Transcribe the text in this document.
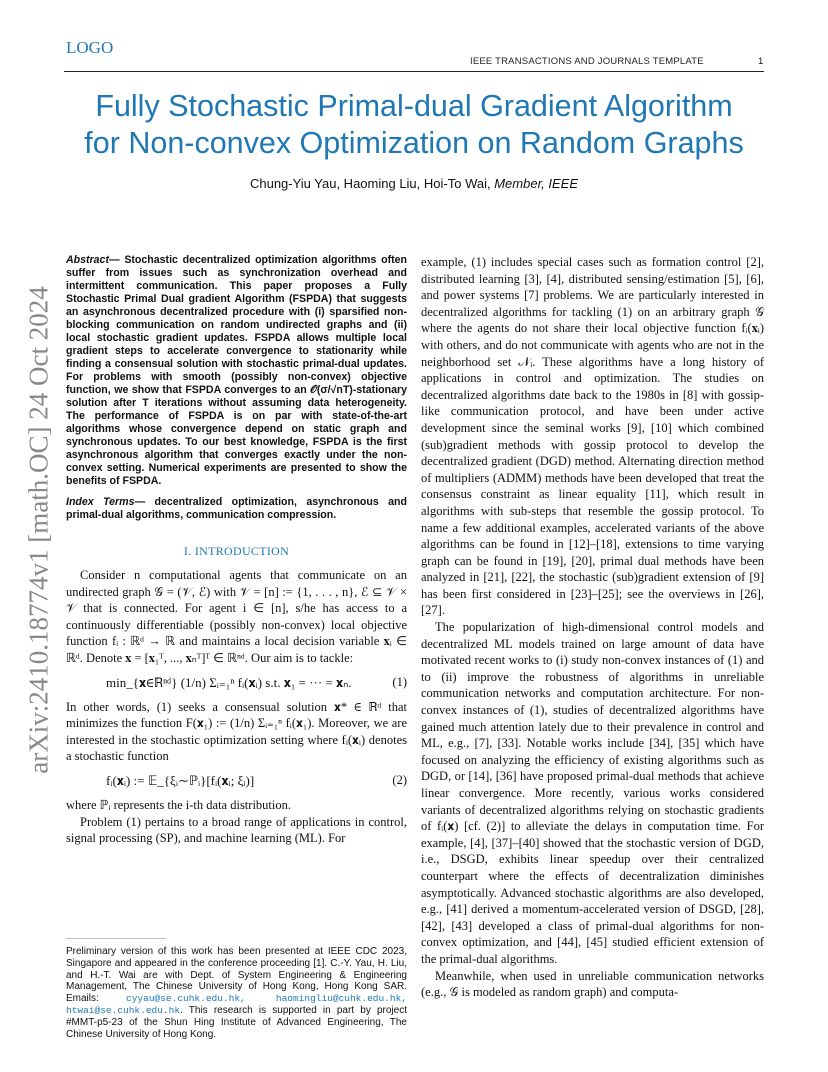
LOGO
IEEE TRANSACTIONS AND JOURNALS TEMPLATE	1
Fully Stochastic Primal-dual Gradient Algorithm
for Non-convex Optimization on Random Graphs
Chung-Yiu Yau, Haoming Liu, Hoi-To Wai, Member, IEEE
arXiv:2410.18774v1 [math.OC] 24 Oct 2024

Abstract— Stochastic decentralized optimization algorithms often suffer from issues such as synchronization overhead and intermittent communication. This paper proposes a Fully Stochastic Primal Dual gradient Algorithm (FSPDA) that suggests an asynchronous decentralized procedure with (i) sparsified non-blocking communication on random undirected graphs and (ii) local stochastic gradient updates. FSPDA allows multiple local gradient steps to accelerate convergence to stationarity while finding a consensual solution with stochastic primal-dual updates. For problems with smooth (possibly non-convex) objective function, we show that FSPDA converges to an 𝒪(σ/√nT)-stationary solution after T iterations without assuming data heterogeneity. The performance of FSPDA is on par with state-of-the-art algorithms whose convergence depend on static graph and synchronous updates. To our best knowledge, FSPDA is the first asynchronous algorithm that converges exactly under the non-convex setting. Numerical experiments are presented to show the benefits of FSPDA.

Index Terms— decentralized optimization, asynchronous and primal-dual algorithms, communication compression.

I. INTRODUCTION

Consider n computational agents that communicate on an undirected graph 𝒢 = (𝒱, ℰ) with 𝒱 = [n] := {1, . . . , n}, ℰ ⊆ 𝒱 × 𝒱 that is connected. For agent i ∈ [n], s/he has access to a continuously differentiable (possibly non-convex) local objective function fᵢ : ℝᵈ → ℝ and maintains a local decision variable 𝐱ᵢ ∈ ℝᵈ. Denote 𝐱 = [𝐱₁ᵀ, ..., 𝐱ₙᵀ]ᵀ ∈ ℝⁿᵈ. Our aim is to tackle:

min_{𝐱∈ℝⁿᵈ} (1/n) Σᵢ₌₁ⁿ fᵢ(𝐱ᵢ) s.t. 𝐱₁ = ··· = 𝐱ₙ.	(1)

In other words, (1) seeks a consensual solution 𝐱* ∈ ℝᵈ that minimizes the function F(𝐱₁) := (1/n) Σᵢ₌₁ⁿ fᵢ(𝐱₁). Moreover, we are interested in the stochastic optimization setting where fᵢ(𝐱ᵢ) denotes a stochastic function

fᵢ(𝐱ᵢ) := 𝔼_{ξᵢ∼ℙᵢ}[fᵢ(𝐱ᵢ; ξᵢ)]	(2)

where ℙᵢ represents the i-th data distribution.

Problem (1) pertains to a broad range of applications in control, signal processing (SP), and machine learning (ML). For

Preliminary version of this work has been presented at IEEE CDC 2023, Singapore and appeared in the conference proceeding [1]. C.-Y. Yau, H. Liu, and H.-T. Wai are with Dept. of System Engineering & Engineering Management, The Chinese University of Hong Kong, Hong Kong SAR. Emails:	cyyau@se.cuhk.edu.hk, haomingliu@cuhk.edu.hk, htwai@se.cuhk.edu.hk. This research is supported in part by project #MMT-p5-23 of the Shun Hing Institute of Advanced Engineering, The Chinese University of Hong Kong.

example, (1) includes special cases such as formation control [2], distributed learning [3], [4], distributed sensing/estimation [5], [6], and power systems [7] problems. We are particularly interested in decentralized algorithms for tackling (1) on an arbitrary graph 𝒢 where the agents do not share their local objective function fᵢ(𝐱ᵢ) with others, and do not communicate with agents who are not in the neighborhood set 𝒩ᵢ. These algorithms have a long history of applications in control and optimization. The studies on decentralized algorithms date back to the 1980s in [8] with gossip-like communication protocol, and have been under active development since the seminal works [9], [10] which combined (sub)gradient methods with gossip protocol to develop the decentralized gradient (DGD) method. Alternating direction method of multipliers (ADMM) methods have been developed that treat the consensus constraint as linear equality [11], which result in algorithms with sub-steps that resemble the gossip protocol. To name a few additional examples, accelerated variants of the above algorithms can be found in [12]–[18], extensions to time varying graph can be found in [19], [20], primal dual methods have been analyzed in [21], [22], the stochastic (sub)gradient extension of [9] has been first considered in [23]–[25]; see the overviews in [26], [27].

The popularization of high-dimensional control models and decentralized ML models trained on large amount of data have motivated recent works to (i) study non-convex instances of (1) and to (ii) improve the robustness of algorithms in unreliable communication networks and computation architecture. For non-convex instances of (1), studies of decentralized algorithms have gained much attention lately due to their prevalence in control and ML, e.g., [7], [33]. Notable works include [34], [35] which have focused on analyzing the efficiency of existing algorithms such as DGD, or [14], [36] have proposed primal-dual methods that achieve linear convergence. More recently, various works considered variants of decentralized algorithms relying on stochastic gradients of fᵢ(𝐱) [cf. (2)] to alleviate the delays in computation time. For example, [4], [37]–[40] showed that the stochastic version of DGD, i.e., DSGD, exhibits linear speedup over their centralized counterpart where the effects of decentralization diminishes asymptotically. Advanced stochastic algorithms are also developed, e.g., [41] derived a momentum-accelerated version of DSGD, [28], [42], [43] developed a class of primal-dual algorithms for non-convex optimization, and [44], [45] studied efficient extension of the primal-dual algorithms.

Meanwhile, when used in unreliable communication networks (e.g., 𝒢 is modeled as random graph) and computa-
